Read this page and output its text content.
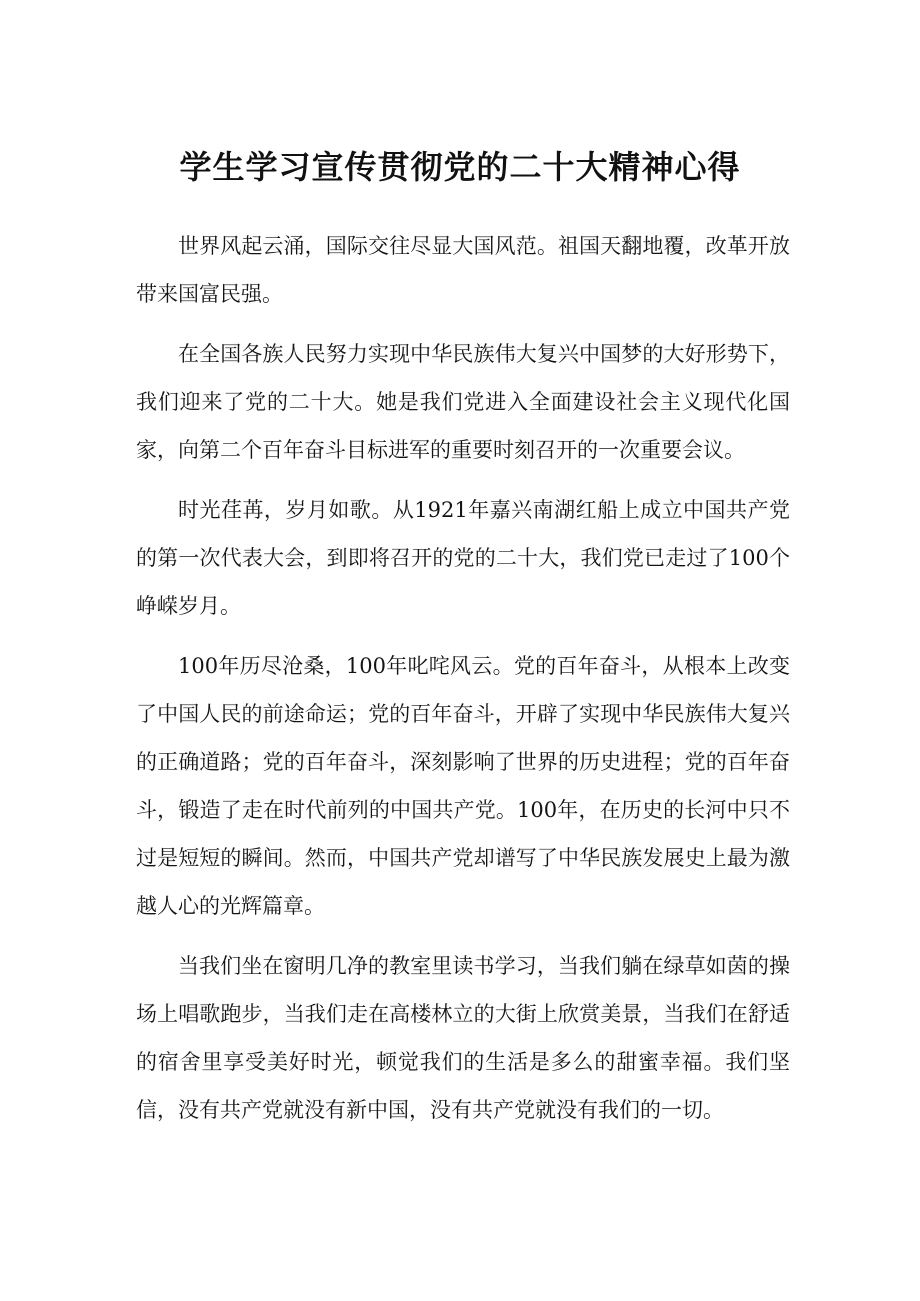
学生学习宣传贯彻党的二十大精神心得

世界风起云涌，国际交往尽显大国风范。祖国天翻地覆，改革开放带来国富民强。

在全国各族人民努力实现中华民族伟大复兴中国梦的大好形势下，我们迎来了党的二十大。她是我们党进入全面建设社会主义现代化国家，向第二个百年奋斗目标进军的重要时刻召开的一次重要会议。

时光荏苒，岁月如歌。从1921年嘉兴南湖红船上成立中国共产党的第一次代表大会，到即将召开的党的二十大，我们党已走过了100个峥嵘岁月。

100年历尽沧桑，100年叱咤风云。党的百年奋斗，从根本上改变了中国人民的前途命运；党的百年奋斗，开辟了实现中华民族伟大复兴的正确道路；党的百年奋斗，深刻影响了世界的历史进程；党的百年奋斗，锻造了走在时代前列的中国共产党。100年，在历史的长河中只不过是短短的瞬间。然而，中国共产党却谱写了中华民族发展史上最为激越人心的光辉篇章。

当我们坐在窗明几净的教室里读书学习，当我们躺在绿草如茵的操场上唱歌跑步，当我们走在高楼林立的大街上欣赏美景，当我们在舒适的宿舍里享受美好时光，顿觉我们的生活是多么的甜蜜幸福。我们坚信，没有共产党就没有新中国，没有共产党就没有我们的一切。
